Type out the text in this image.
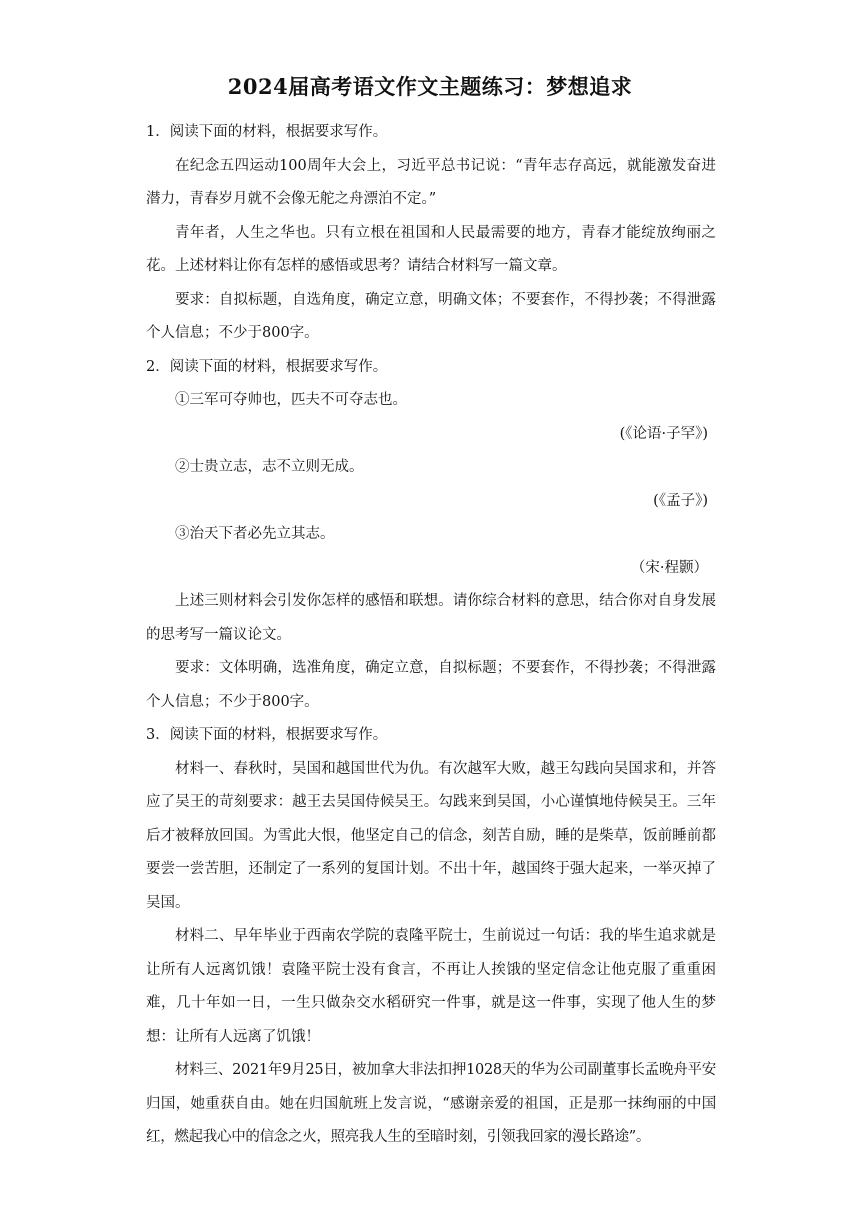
2024届高考语文作文主题练习：梦想追求

1．阅读下面的材料，根据要求写作。

在纪念五四运动100周年大会上，习近平总书记说：“青年志存高远，就能激发奋进潜力，青春岁月就不会像无舵之舟漂泊不定。”

青年者，人生之华也。只有立根在祖国和人民最需要的地方，青春才能绽放绚丽之花。上述材料让你有怎样的感悟或思考？请结合材料写一篇文章。

要求：自拟标题，自选角度，确定立意，明确文体；不要套作，不得抄袭；不得泄露个人信息；不少于800字。

2．阅读下面的材料，根据要求写作。

①三军可夺帅也，匹夫不可夺志也。

(《论语·子罕》)

②士贵立志，志不立则无成。

(《孟子》)

③治天下者必先立其志。

（宋·程颢）

上述三则材料会引发你怎样的感悟和联想。请你综合材料的意思，结合你对自身发展的思考写一篇议论文。

要求：文体明确，选准角度，确定立意，自拟标题；不要套作，不得抄袭；不得泄露个人信息；不少于800字。

3．阅读下面的材料，根据要求写作。

材料一、春秋时，吴国和越国世代为仇。有次越军大败，越王勾践向吴国求和，并答应了吴王的苛刻要求：越王去吴国侍候吴王。勾践来到吴国，小心谨慎地侍候吴王。三年后才被释放回国。为雪此大恨，他坚定自己的信念，刻苦自励，睡的是柴草，饭前睡前都要尝一尝苦胆，还制定了一系列的复国计划。不出十年，越国终于强大起来，一举灭掉了吴国。

材料二、早年毕业于西南农学院的袁隆平院士，生前说过一句话：我的毕生追求就是让所有人远离饥饿！袁隆平院士没有食言，不再让人挨饿的坚定信念让他克服了重重困难，几十年如一日，一生只做杂交水稻研究一件事，就是这一件事，实现了他人生的梦想：让所有人远离了饥饿！

材料三、2021年9月25日，被加拿大非法扣押1028天的华为公司副董事长孟晚舟平安归国，她重获自由。她在归国航班上发言说，“感谢亲爱的祖国，正是那一抹绚丽的中国红，燃起我心中的信念之火，照亮我人生的至暗时刻，引领我回家的漫长路途”。
